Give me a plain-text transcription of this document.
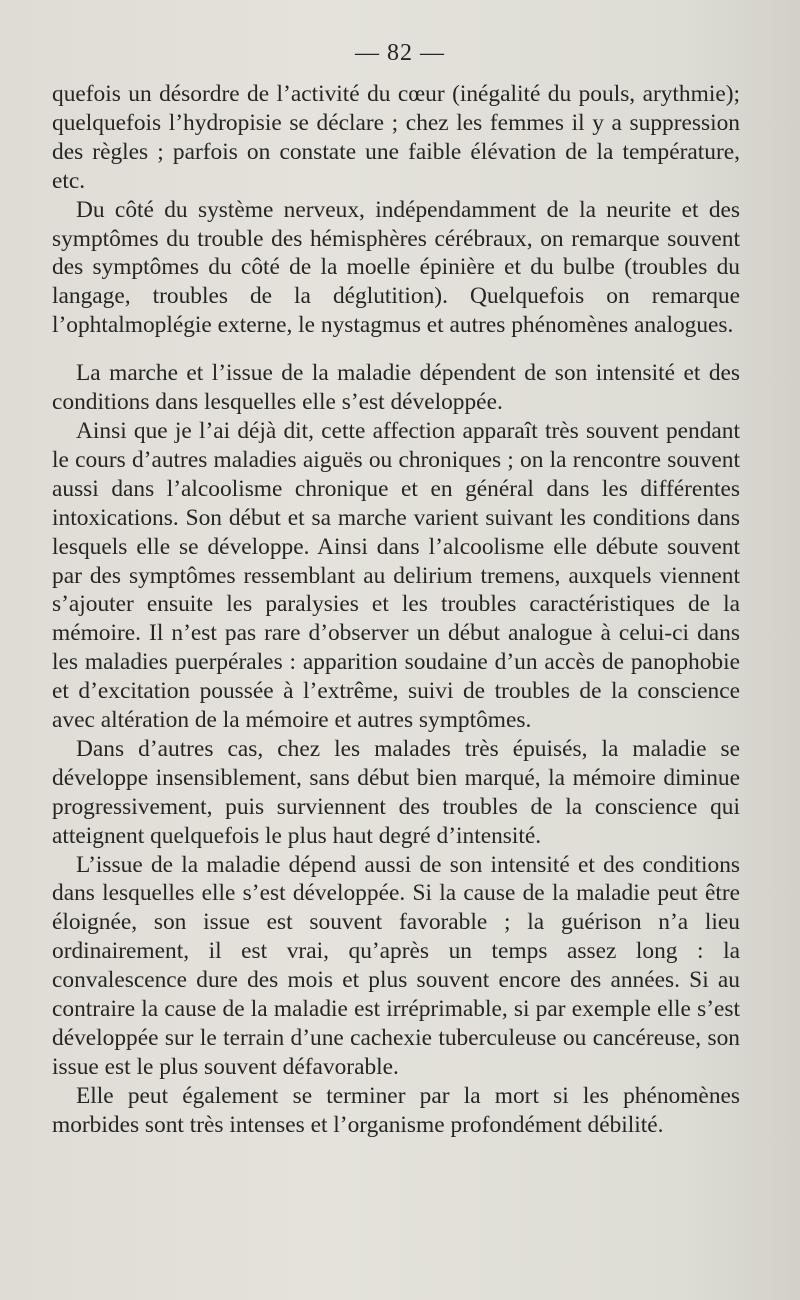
— 82 —

quefois un désordre de l’activité du cœur (inégalité du pouls, arythmie); quelquefois l’hydropisie se déclare ; chez les femmes il y a suppression des règles ; parfois on constate une faible élévation de la température, etc.

Du côté du système nerveux, indépendamment de la neurite et des symptômes du trouble des hémisphères cérébraux, on remarque souvent des symptômes du côté de la moelle épinière et du bulbe (troubles du langage, troubles de la déglutition). Quelquefois on remarque l’ophtalmoplégie externe, le nystagmus et autres phénomènes analogues.

La marche et l’issue de la maladie dépendent de son intensité et des conditions dans lesquelles elle s’est développée.

Ainsi que je l’ai déjà dit, cette affection apparaît très souvent pendant le cours d’autres maladies aiguës ou chroniques ; on la rencontre souvent aussi dans l’alcoolisme chronique et en général dans les différentes intoxications. Son début et sa marche varient suivant les conditions dans lesquels elle se développe. Ainsi dans l’alcoolisme elle débute souvent par des symptômes ressemblant au delirium tremens, auxquels viennent s’ajouter ensuite les paralysies et les troubles caractéristiques de la mémoire. Il n’est pas rare d’observer un début analogue à celui-ci dans les maladies puerpérales : apparition soudaine d’un accès de panophobie et d’excitation poussée à l’extrême, suivi de troubles de la conscience avec altération de la mémoire et autres symptômes.

Dans d’autres cas, chez les malades très épuisés, la maladie se développe insensiblement, sans début bien marqué, la mémoire diminue progressivement, puis surviennent des troubles de la conscience qui atteignent quelquefois le plus haut degré d’intensité.

L’issue de la maladie dépend aussi de son intensité et des conditions dans lesquelles elle s’est développée. Si la cause de la maladie peut être éloignée, son issue est souvent favorable ; la guérison n’a lieu ordinairement, il est vrai, qu’après un temps assez long : la convalescence dure des mois et plus souvent encore des années. Si au contraire la cause de la maladie est irréprimable, si par exemple elle s’est développée sur le terrain d’une cachexie tuberculeuse ou cancéreuse, son issue est le plus souvent défavorable.

Elle peut également se terminer par la mort si les phénomènes morbides sont très intenses et l’organisme profondément débilité.
